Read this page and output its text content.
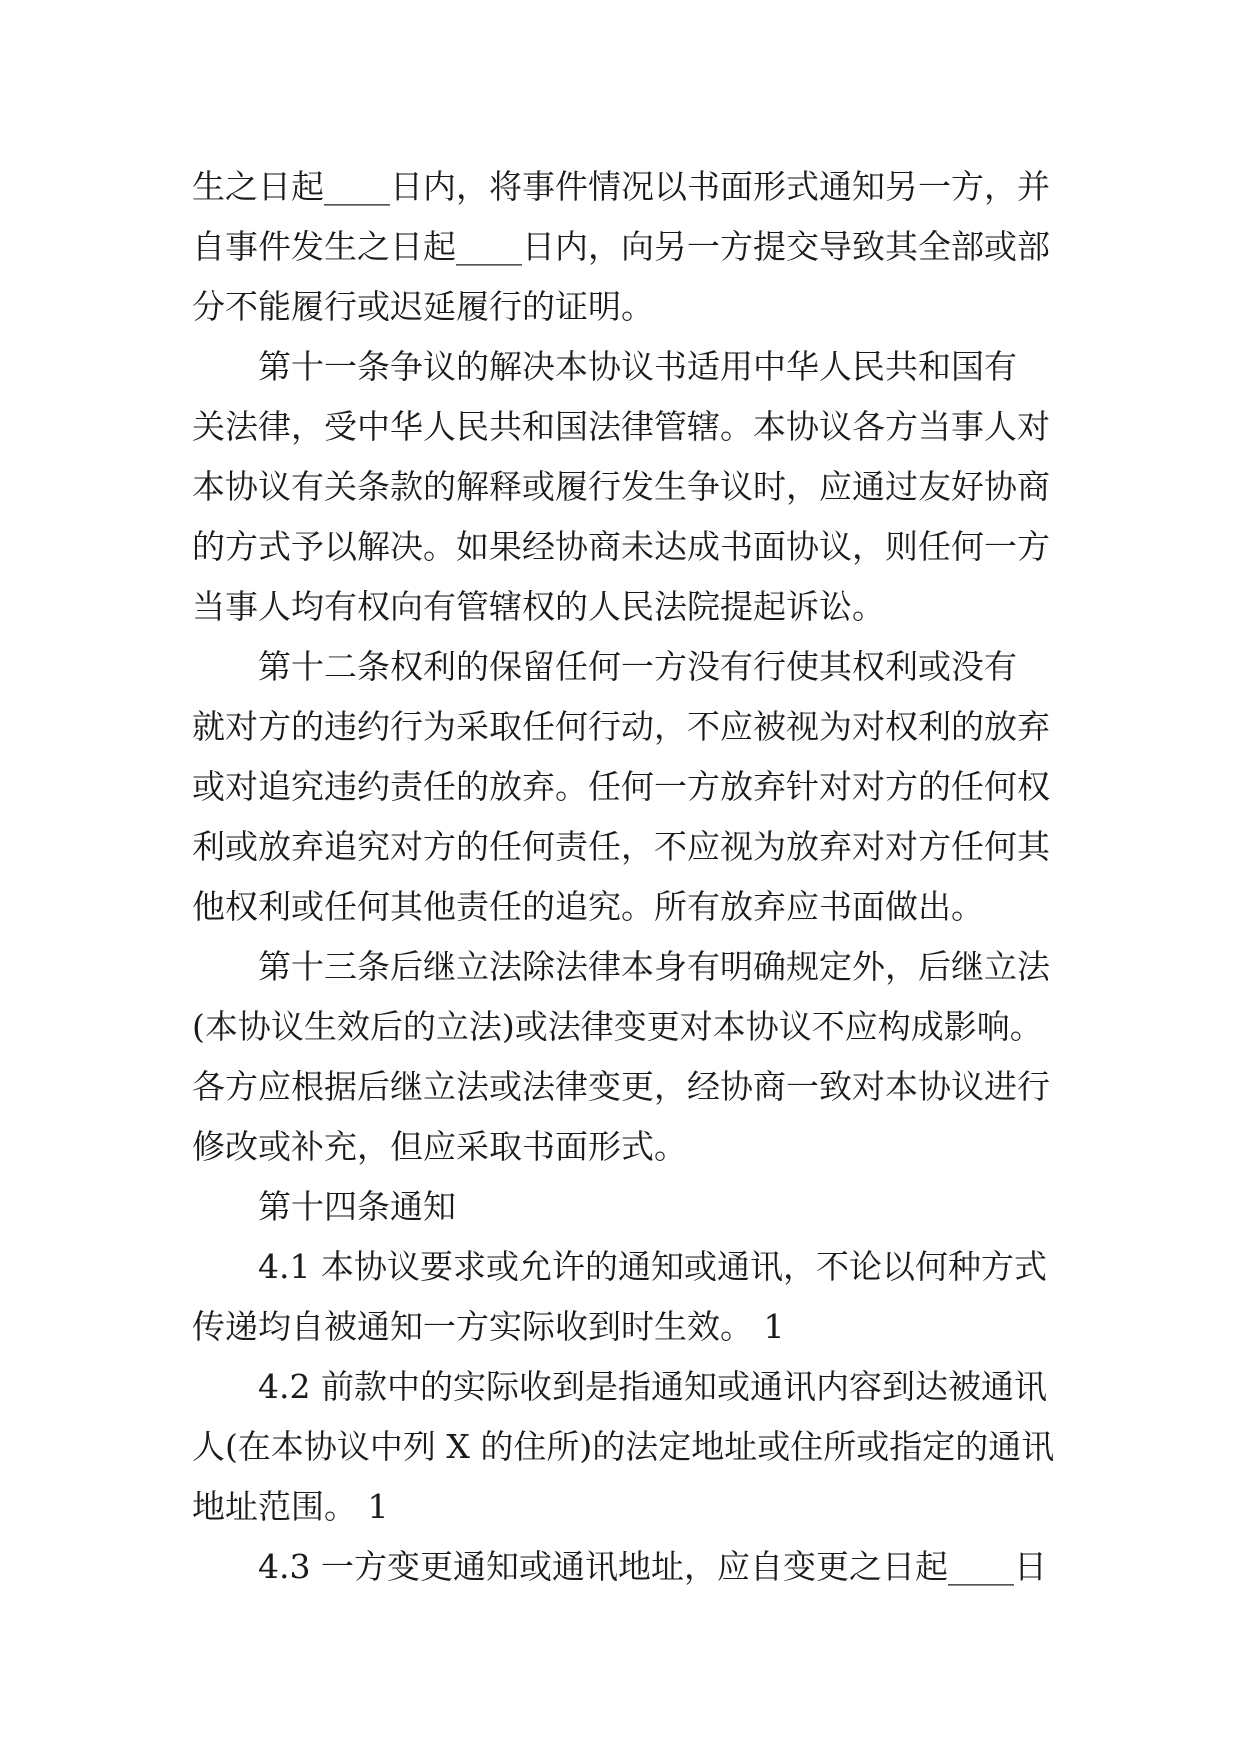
生之日起____日内，将事件情况以书面形式通知另一方，并
自事件发生之日起____日内，向另一方提交导致其全部或部
分不能履行或迟延履行的证明。
第十一条争议的解决本协议书适用中华人民共和国有
关法律，受中华人民共和国法律管辖。本协议各方当事人对
本协议有关条款的解释或履行发生争议时，应通过友好协商
的方式予以解决。如果经协商未达成书面协议，则任何一方
当事人均有权向有管辖权的人民法院提起诉讼。
第十二条权利的保留任何一方没有行使其权利或没有
就对方的违约行为采取任何行动，不应被视为对权利的放弃
或对追究违约责任的放弃。任何一方放弃针对对方的任何权
利或放弃追究对方的任何责任，不应视为放弃对对方任何其
他权利或任何其他责任的追究。所有放弃应书面做出。
第十三条后继立法除法律本身有明确规定外，后继立法
(本协议生效后的立法)或法律变更对本协议不应构成影响。
各方应根据后继立法或法律变更，经协商一致对本协议进行
修改或补充，但应采取书面形式。
第十四条通知
4.1 本协议要求或允许的通知或通讯，不论以何种方式
传递均自被通知一方实际收到时生效。 1
4.2 前款中的实际收到是指通知或通讯内容到达被通讯
人(在本协议中列 X 的住所)的法定地址或住所或指定的通讯
地址范围。 1
4.3 一方变更通知或通讯地址，应自变更之日起____日
